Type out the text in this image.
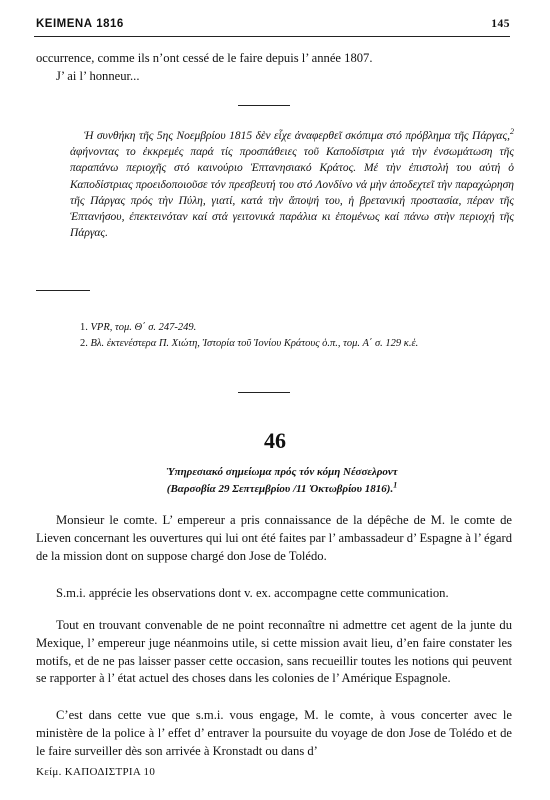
ΚΕΙΜΕΝΑ 1816	145

occurrence, comme ils n’ont cessé de le faire depuis l’ année 1807.

J’ ai l’ honneur...

Ἡ συνθήκη τῆς 5ης Νοεμβρίου 1815 δὲν εἶχε ἀναφερθεῖ σκόπιμα στό πρόβλημα τῆς Πάργας,$^2$ ἀφήνοντας το ἐκκρεμές παρά τίς προσπάθειες τοῦ Καποδίστρια γιά τὴν ἐνσωμάτωση τῆς παραπάνω περιοχῆς στό καινούριο Ἑπτανησιακό Κράτος. Μέ τὴν ἐπιστολή του αὐτή ὁ Καποδίστριας προειδοποιοῦσε τόν πρεσβευτή του στό Λονδίνο νά μὴν ἀποδεχτεῖ τὴν παραχώρηση τῆς Πάργας πρός τὴν Πύλη, γιατί, κατά τὴν ἄποψή του, ἡ βρετανική προστασία, πέραν τῆς Ἑπτανήσου, ἐπεκτεινόταν καί στά γειτονικά παράλια κι ἑπομένως καί πάνω στὴν περιοχή τῆς Πάργας.

1. VPR, τομ. Θ΄ σ. 247-249.
2. Βλ. ἐκτενέστερα Π. Χιώτη, Ἱστορία τοῦ Ἰονίου Κράτους ὁ.π., τομ. Α΄ σ. 129 κ.ἑ.
46
Ὑπηρεσιακό σημείωμα πρός τόν κόμη Νέσσελροντ
(Βαρσοβία 29 Σεπτεμβρίου /11 Ὀκτωβρίου 1816).$^1$

Monsieur le comte. L’ empereur a pris connaissance de la dépêche de M. le comte de Lieven concernant les ouvertures qui lui ont été faites par l’ ambassadeur d’ Espagne à l’ égard de la mission dont on suppose chargé don Jose de Tolédo.

S.m.i. apprécie les observations dont v. ex. accompagne cette communication.

Tout en trouvant convenable de ne point reconnaître ni admettre cet agent de la junte du Mexique, l’ empereur juge néanmoins utile, si cette mission avait lieu, d’en faire constater les motifs, et de ne pas laisser passer cette occasion, sans recueillir toutes les notions qui peuvent se rapporter à l’ état actuel des choses dans les colonies de l’ Amérique Espagnole.

C’est dans cette vue que s.m.i. vous engage, M. le comte, à vous concerter avec le ministère de la police à l’ effet d’ entraver la poursuite du voyage de don Jose de Tolédo et de le faire surveiller dès son arrivée à Kronstadt ou dans d’

Κείμ. ΚΑΠΟΔΙΣΤΡΙΑ 10
